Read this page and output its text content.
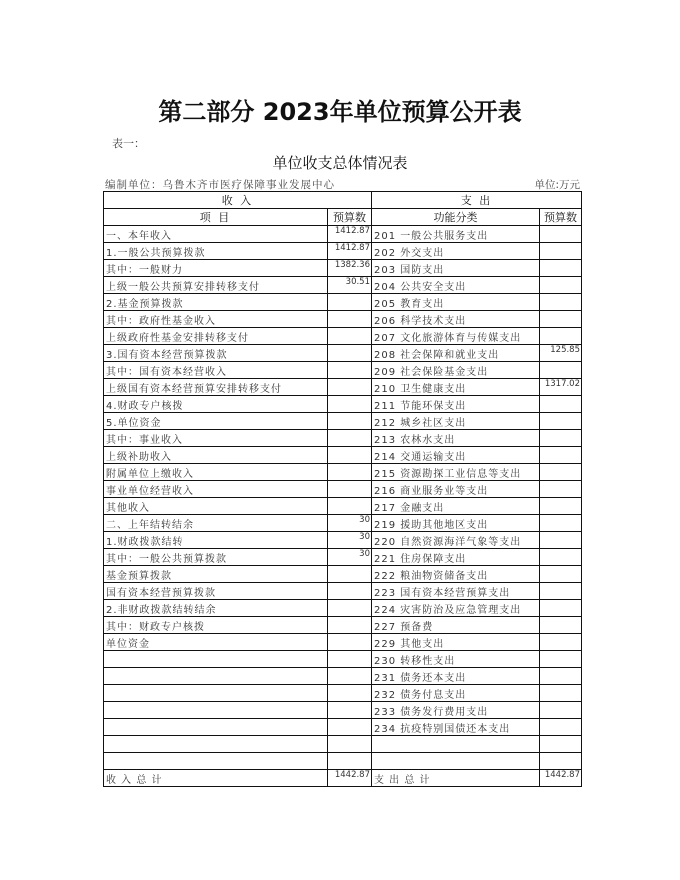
第二部分 2023年单位预算公开表
表一：
单位收支总体情况表
编制单位：乌鲁木齐市医疗保障事业发展中心	单位:万元
收 入		支 出	
项 目	预算数	功能分类	预算数
一、本年收入	1412.87	201 一般公共服务支出	
1.一般公共预算拨款	1412.87	202 外交支出	
其中：一般财力	1382.36	203 国防支出	
上级一般公共预算安排转移支付	30.51	204 公共安全支出	
2.基金预算拨款		205 教育支出	
其中：政府性基金收入		206 科学技术支出	
上级政府性基金安排转移支付		207 文化旅游体育与传媒支出	
3.国有资本经营预算拨款		208 社会保障和就业支出	125.85
其中：国有资本经营收入		209 社会保险基金支出	
上级国有资本经营预算安排转移支付		210 卫生健康支出	1317.02
4.财政专户核拨		211 节能环保支出	
5.单位资金		212 城乡社区支出	
其中：事业收入		213 农林水支出	
上级补助收入		214 交通运输支出	
附属单位上缴收入		215 资源勘探工业信息等支出	
事业单位经营收入		216 商业服务业等支出	
其他收入		217 金融支出	
二、上年结转结余	30	219 援助其他地区支出	
1.财政拨款结转	30	220 自然资源海洋气象等支出	
其中：一般公共预算拨款	30	221 住房保障支出	
基金预算拨款		222 粮油物资储备支出	
国有资本经营预算拨款		223 国有资本经营预算支出	
2.非财政拨款结转结余		224 灾害防治及应急管理支出	
其中：财政专户核拨		227 预备费	
单位资金		229 其他支出	
		230 转移性支出	
		231 债务还本支出	
		232 债务付息支出	
		233 债务发行费用支出	
		234 抗疫特别国债还本支出	

收 入 总 计	1442.87	支 出 总 计	1442.87
